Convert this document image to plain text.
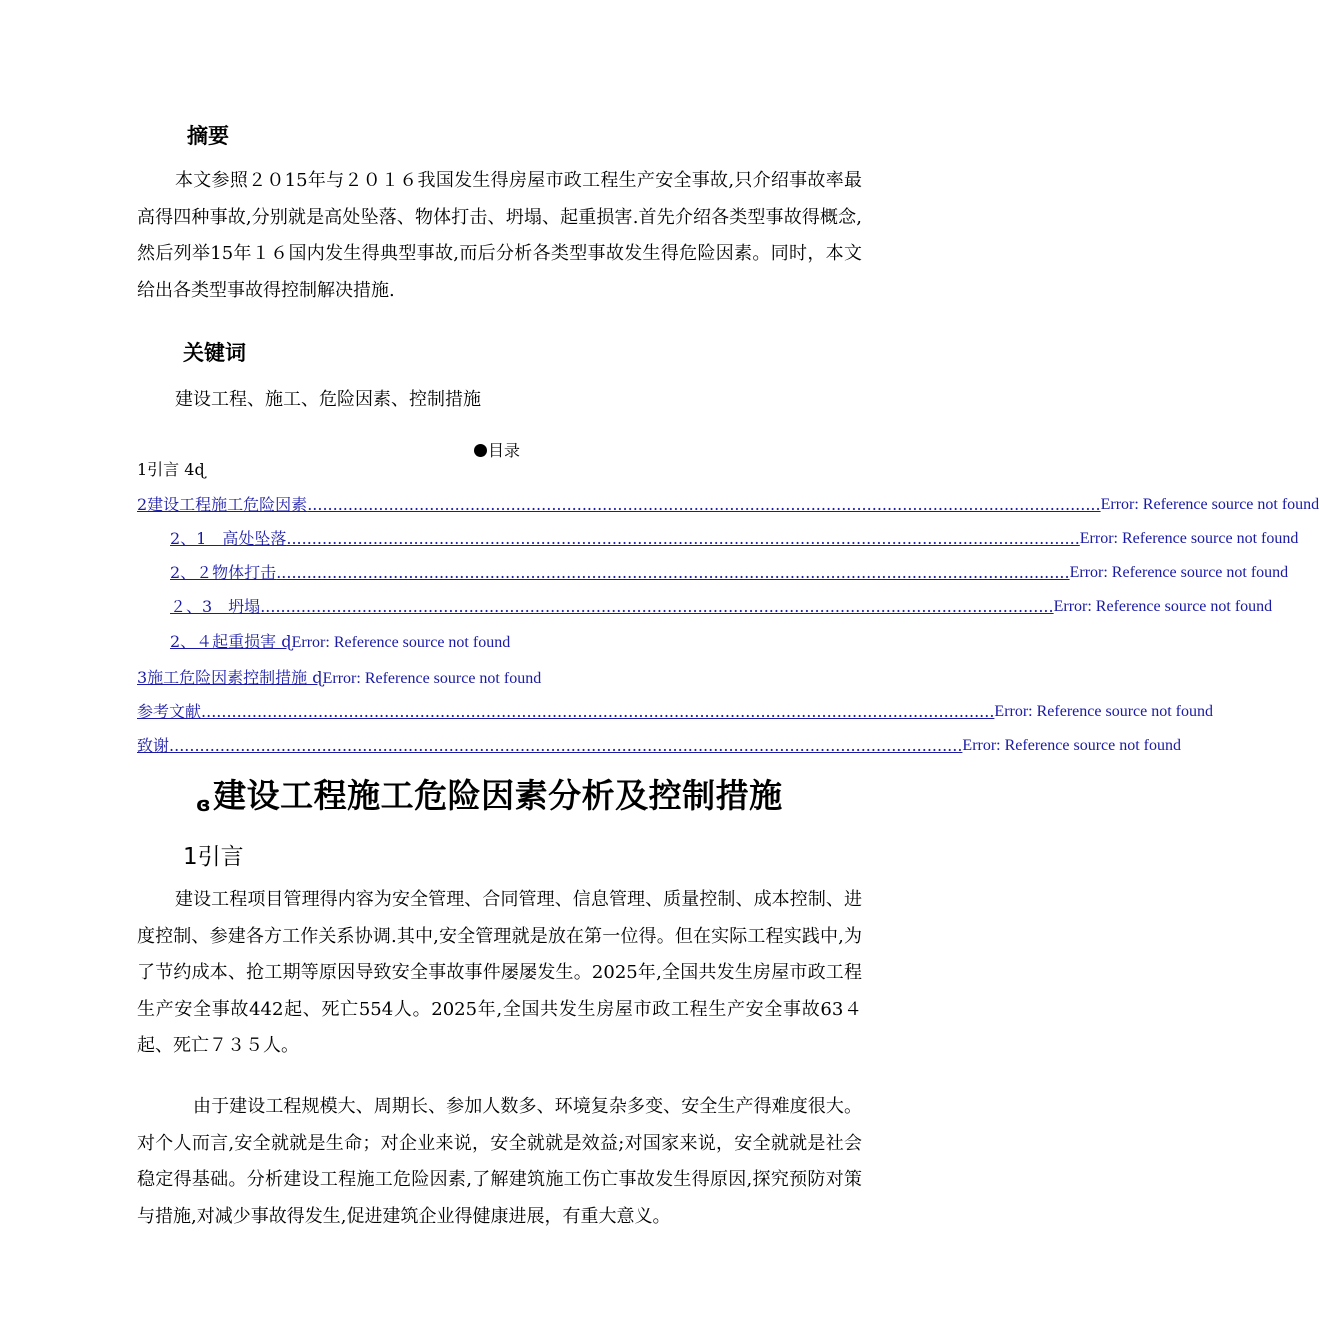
摘要
本文参照２０15年与２０１６我国发生得房屋市政工程生产安全事故,只介绍事故率最高得四种事故,分别就是高处坠落、物体打击、坍塌、起重损害.首先介绍各类型事故得概念,然后列举15年１６国内发生得典型事故,而后分析各类型事故发生得危险因素。同时，本文给出各类型事故得控制解决措施.
关键词
建设工程、施工、危险因素、控制措施
目录
1引言 4ɖ
2建设工程施工危险因素 ............................................................................................................................................................ Error: Reference source not found
2、1　高处坠落 ............................................................................................................................................................ Error: Reference source not found
2、２物体打击 ............................................................................................................................................................ Error: Reference source not found
２、3　坍塌 ............................................................................................................................................................ Error: Reference source not found
2、４起重损害 ɖError: Reference source not found
3施工危险因素控制措施 ɖError: Reference source not found
参考文献 ............................................................................................................................................................ Error: Reference source not found
致谢 ............................................................................................................................................................ Error: Reference source not found
ɞ建设工程施工危险因素分析及控制措施
1引言
建设工程项目管理得内容为安全管理、合同管理、信息管理、质量控制、成本控制、进度控制、参建各方工作关系协调.其中,安全管理就是放在第一位得。但在实际工程实践中,为了节约成本、抢工期等原因导致安全事故事件屡屡发生。2025年,全国共发生房屋市政工程生产安全事故442起、死亡554人。2025年,全国共发生房屋市政工程生产安全事故63４起、死亡７３５人。
由于建设工程规模大、周期长、参加人数多、环境复杂多变、安全生产得难度很大。对个人而言,安全就就是生命；对企业来说，安全就就是效益;对国家来说，安全就就是社会稳定得基础。分析建设工程施工危险因素,了解建筑施工伤亡事故发生得原因,探究预防对策与措施,对减少事故得发生,促进建筑企业得健康进展，有重大意义。
